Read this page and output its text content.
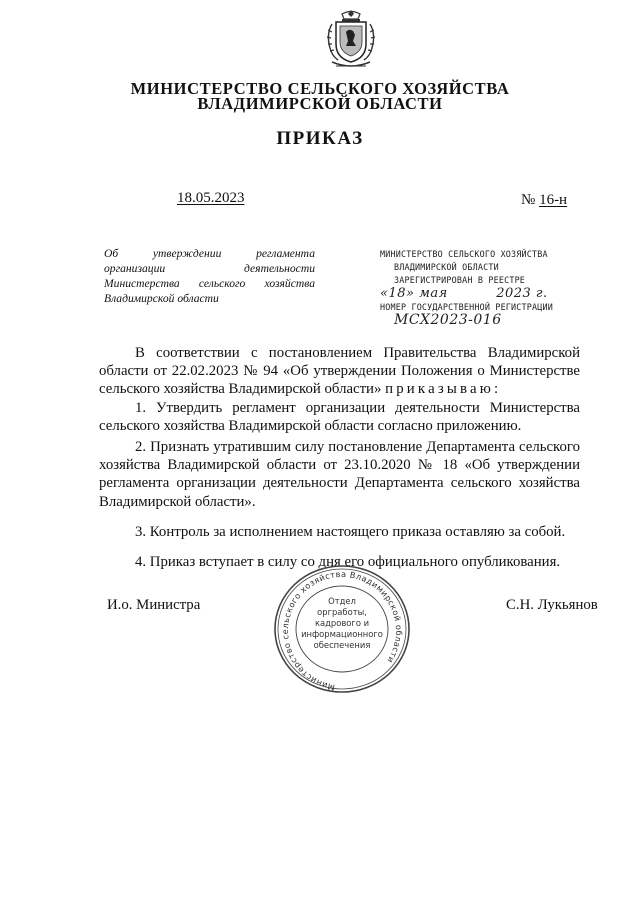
МИНИСТЕРСТВО СЕЛЬСКОГО ХОЗЯЙСТВА
ВЛАДИМИРСКОЙ ОБЛАСТИ
ПРИКАЗ
18.05.2023	№ 16-н
Об утверждении регламента
организации деятельности
Министерства сельского хозяйства
Владимирской области
МИНИСТЕРСТВО СЕЛЬСКОГО ХОЗЯЙСТВА
ВЛАДИМИРСКОЙ ОБЛАСТИ
ЗАРЕГИСТРИРОВАН В РЕЕСТРЕ
«18» мая	2023 г.
НОМЕР ГОСУДАРСТВЕННОЙ РЕГИСТРАЦИИ
МСХ2023-016

В соответствии с постановлением Правительства Владимирской области от 22.02.2023 № 94 «Об утверждении Положения о Министерстве сельского хозяйства Владимирской области» приказываю:

1. Утвердить регламент организации деятельности Министерства сельского хозяйства Владимирской области согласно приложению.

2. Признать утратившим силу постановление Департамента сельского хозяйства Владимирской области от 23.10.2020 № 18 «Об утверждении регламента организации деятельности Департамента сельского хозяйства Владимирской области».

3. Контроль за исполнением настоящего приказа оставляю за собой.

4. Приказ вступает в силу со дня его официального опубликования.

Министерство сельского хозяйства Владимирской области
Отдел
оргработы,
кадрового и
информационного
обеспечения
И.о. Министра	С.Н. Лукьянов
